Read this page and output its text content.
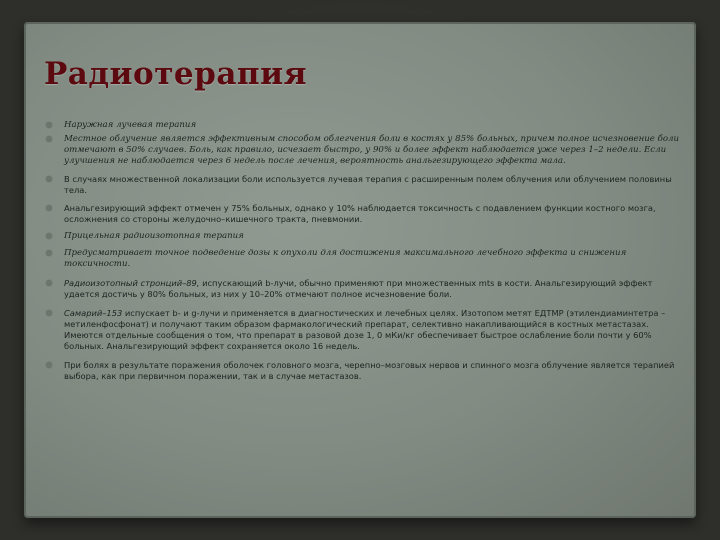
Радиотерапия
Наружная лучевая терапия
Местное облучение является эффективным способом облегчения боли в костях у 85% больных, причем полное исчезновение боли отмечают в 50% случаев. Боль, как правило, исчезает быстро, у 90% и более эффект наблюдается уже через 1–2 недели. Если улучшения не наблюдается через 6 недель после лечения, вероятность анальгезирующего эффекта мала.
В случаях множественной локализации боли используется лучевая терапия с расширенным полем облучения или облучением половины тела.
Анальгезирующий эффект отмечен у 75% больных, однако у 10% наблюдается токсичность с подавлением функции костного мозга, осложнения со стороны желудочно–кишечного тракта, пневмонии.
Прицельная радиоизотопная терапия
Предусматривает точное подведение дозы к опухоли для достижения максимального лечебного эффекта и снижения токсичности.
Радиоизотопный стронций–89, испускающий b-лучи, обычно применяют при множественных mts в кости. Анальгезирующий эффект удается достичь у 80% больных, из них у 10–20% отмечают полное исчезновение боли.
Самарий–153 испускает b- и g-лучи и применяется в диагностических и лечебных целях. Изотопом метят ЕДТМР (этилендиаминтетра – метиленфосфонат) и получают таким образом фармакологический препарат, селективно накапливающийся в костных метастазах. Имеются отдельные сообщения о том, что препарат в разовой дозе 1, 0 мКи/кг обеспечивает быстрое ослабление боли почти у 60% больных. Анальгезирующий эффект сохраняется около 16 недель.
При болях в результате поражения оболочек головного мозга, черепно–мозговых нервов и спинного мозга облучение является терапией выбора, как при первичном поражении, так и в случае метастазов.
